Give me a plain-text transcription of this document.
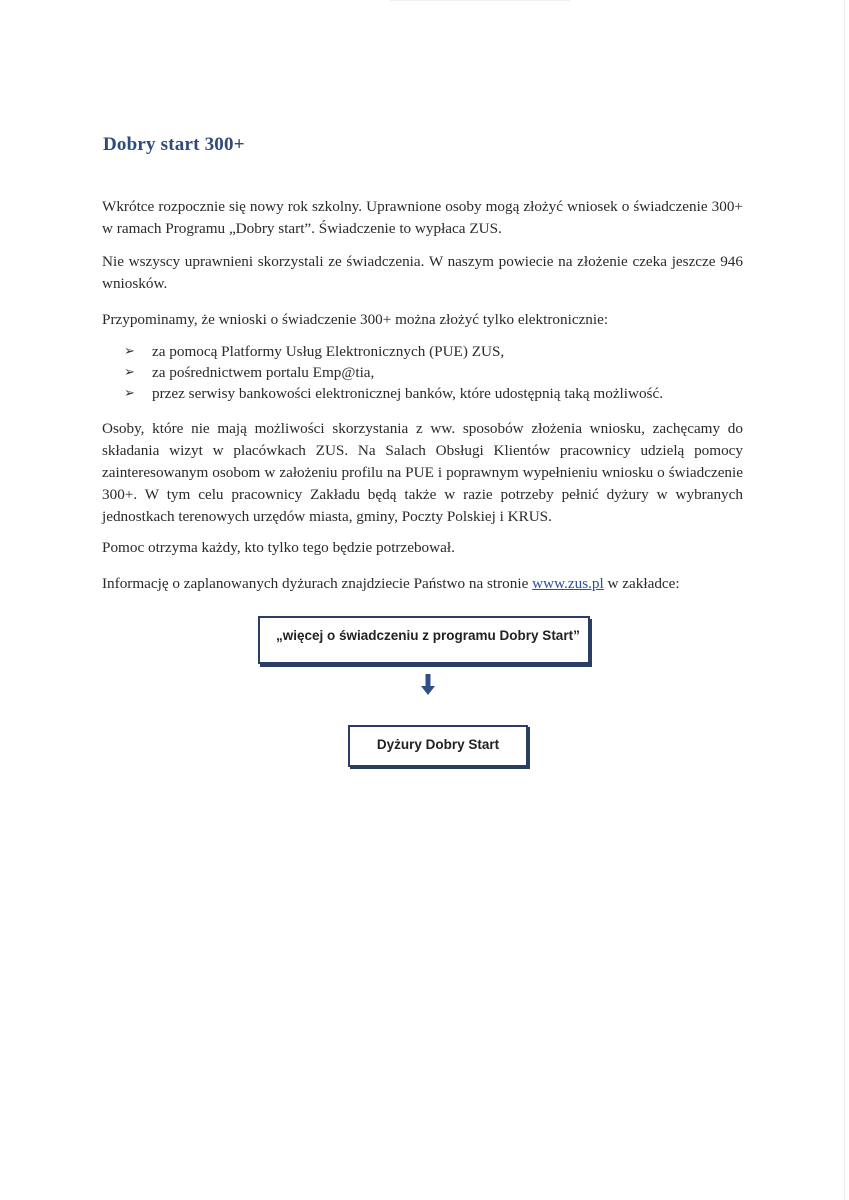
Dobry start 300+
Wkrótce rozpocznie się nowy rok szkolny. Uprawnione osoby mogą złożyć wniosek o świadczenie 300+ w ramach Programu „Dobry start”. Świadczenie to wypłaca ZUS.
Nie wszyscy uprawnieni skorzystali ze świadczenia. W naszym powiecie na złożenie czeka jeszcze 946 wniosków.
Przypominamy, że wnioski o świadczenie 300+ można złożyć tylko elektronicznie:
➢	za pomocą Platformy Usług Elektronicznych (PUE) ZUS,
➢	za pośrednictwem portalu Emp@tia,
➢	przez serwisy bankowości elektronicznej banków, które udostępnią taką możliwość.
Osoby, które nie mają możliwości skorzystania z ww. sposobów złożenia wniosku, zachęcamy do składania wizyt w placówkach ZUS. Na Salach Obsługi Klientów pracownicy udzielą pomocy zainteresowanym osobom w założeniu profilu na PUE i poprawnym wypełnieniu wniosku o świadczenie 300+. W tym celu pracownicy Zakładu będą także w razie potrzeby pełnić dyżury w wybranych jednostkach terenowych urzędów miasta, gminy, Poczty Polskiej i KRUS.
Pomoc otrzyma każdy, kto tylko tego będzie potrzebował.
Informację o zaplanowanych dyżurach znajdziecie Państwo na stronie www.zus.pl w zakładce:
„więcej o świadczeniu z programu Dobry Start”
Dyżury Dobry Start
